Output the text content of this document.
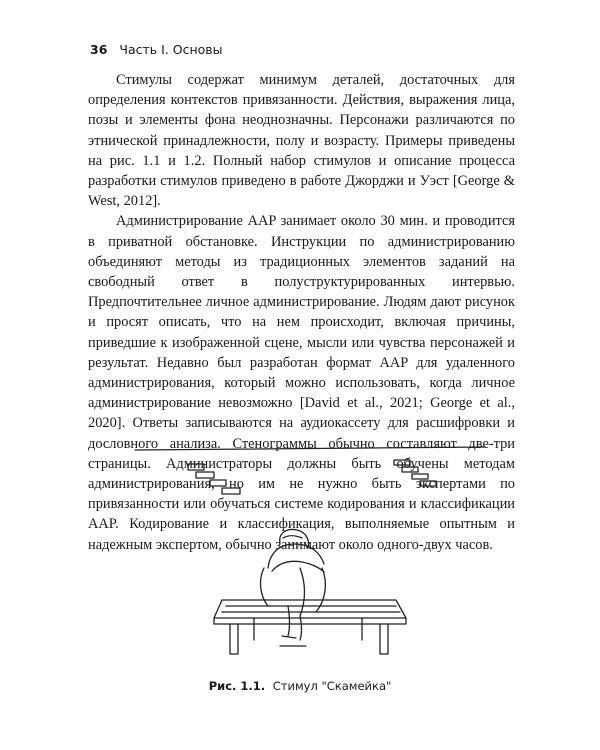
36 Часть I. Основы

Стимулы содержат минимум деталей, достаточных для определения контекстов привязанности. Действия, выражения лица, позы и элементы фона неоднозначны. Персонажи различаются по этнической принадлежности, полу и возрасту. Примеры приведены на рис. 1.1 и 1.2. Полный набор стимулов и описание процесса разработки стимулов приведено в работе Джорджи и Уэст [George & West, 2012].

Администрирование AAP занимает около 30 мин. и проводится в приватной обстановке. Инструкции по администрированию объединяют методы из традиционных элементов заданий на свободный ответ в полуструктурированных интервью. Предпочтительнее личное администрирование. Людям дают рисунок и просят описать, что на нем происходит, включая причины, приведшие к изображенной сцене, мысли или чувства персонажей и результат. Недавно был разработан формат AAP для удаленного администрирования, который можно использовать, когда личное администрирование невозможно [David et al., 2021; George et al., 2020]. Ответы записываются на аудиокассету для расшифровки и дословного анализа. Стенограммы обычно составляют две-три страницы. Администраторы должны быть обучены методам администрирования, но им не нужно быть экспертами по привязанности или обучаться системе кодирования и классификации AAP. Кодирование и классификация, выполняемые опытным и надежным экспертом, обычно занимают около одного-двух часов.

Рис. 1.1. Стимул "Скамейка"
